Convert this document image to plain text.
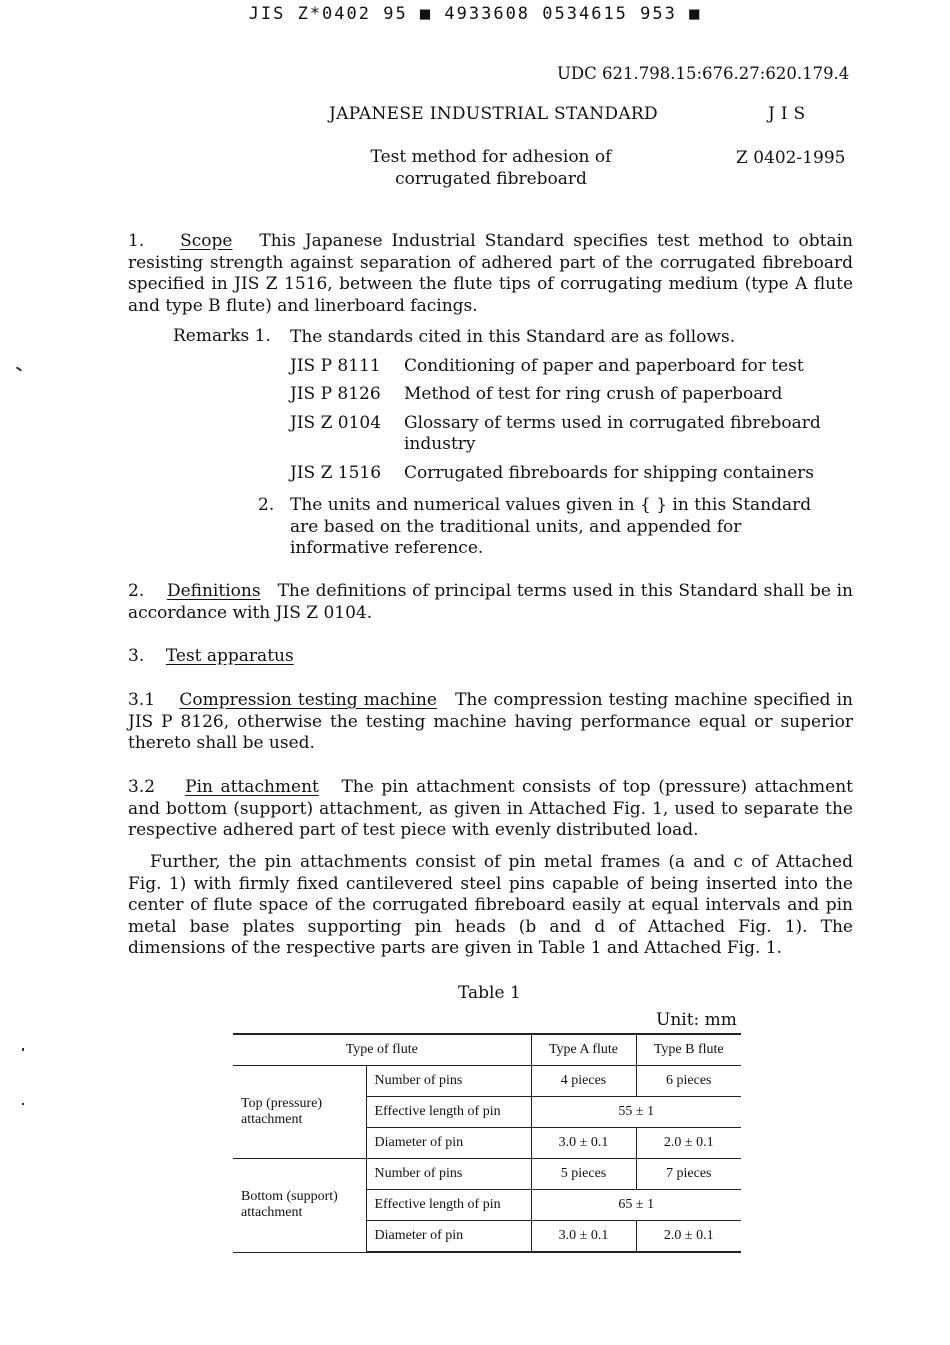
JIS Z*0402 95 ■ 4933608 0534615 953 ■
UDC 621.798.15:676.27:620.179.4
JAPANESE INDUSTRIAL STANDARD	JIS
Test method for adhesion of corrugated fibreboard
Z 0402-1995
1. Scope This Japanese Industrial Standard specifies test method to obtain resisting strength against separation of adhered part of the corrugated fibreboard specified in JIS Z 1516, between the flute tips of corrugating medium (type A flute and type B flute) and linerboard facings.
Remarks 1. The standards cited in this Standard are as follows.
JIS P 8111 Conditioning of paper and paperboard for test
JIS P 8126 Method of test for ring crush of paperboard
JIS Z 0104 Glossary of terms used in corrugated fibreboard industry
JIS Z 1516 Corrugated fibreboards for shipping containers
2. The units and numerical values given in { } in this Standard are based on the traditional units, and appended for informative reference.
2. Definitions The definitions of principal terms used in this Standard shall be in accordance with JIS Z 0104.
3. Test apparatus
3.1 Compression testing machine The compression testing machine specified in JIS P 8126, otherwise the testing machine having performance equal or superior thereto shall be used.
3.2 Pin attachment The pin attachment consists of top (pressure) attachment and bottom (support) attachment, as given in Attached Fig. 1, used to separate the respective adhered part of test piece with evenly distributed load.
Further, the pin attachments consist of pin metal frames (a and c of Attached Fig. 1) with firmly fixed cantilevered steel pins capable of being inserted into the center of flute space of the corrugated fibreboard easily at equal intervals and pin metal base plates supporting pin heads (b and d of Attached Fig. 1). The dimensions of the respective parts are given in Table 1 and Attached Fig. 1.
Table 1
Unit: mm
Type of flute		Type A flute	Type B flute
Top (pressure) attachment	Number of pins	4 pieces	6 pieces
	Effective length of pin	55 ± 1	
	Diameter of pin	3.0 ± 0.1	2.0 ± 0.1
Bottom (support) attachment	Number of pins	5 pieces	7 pieces
	Effective length of pin	65 ± 1	
	Diameter of pin	3.0 ± 0.1	2.0 ± 0.1
